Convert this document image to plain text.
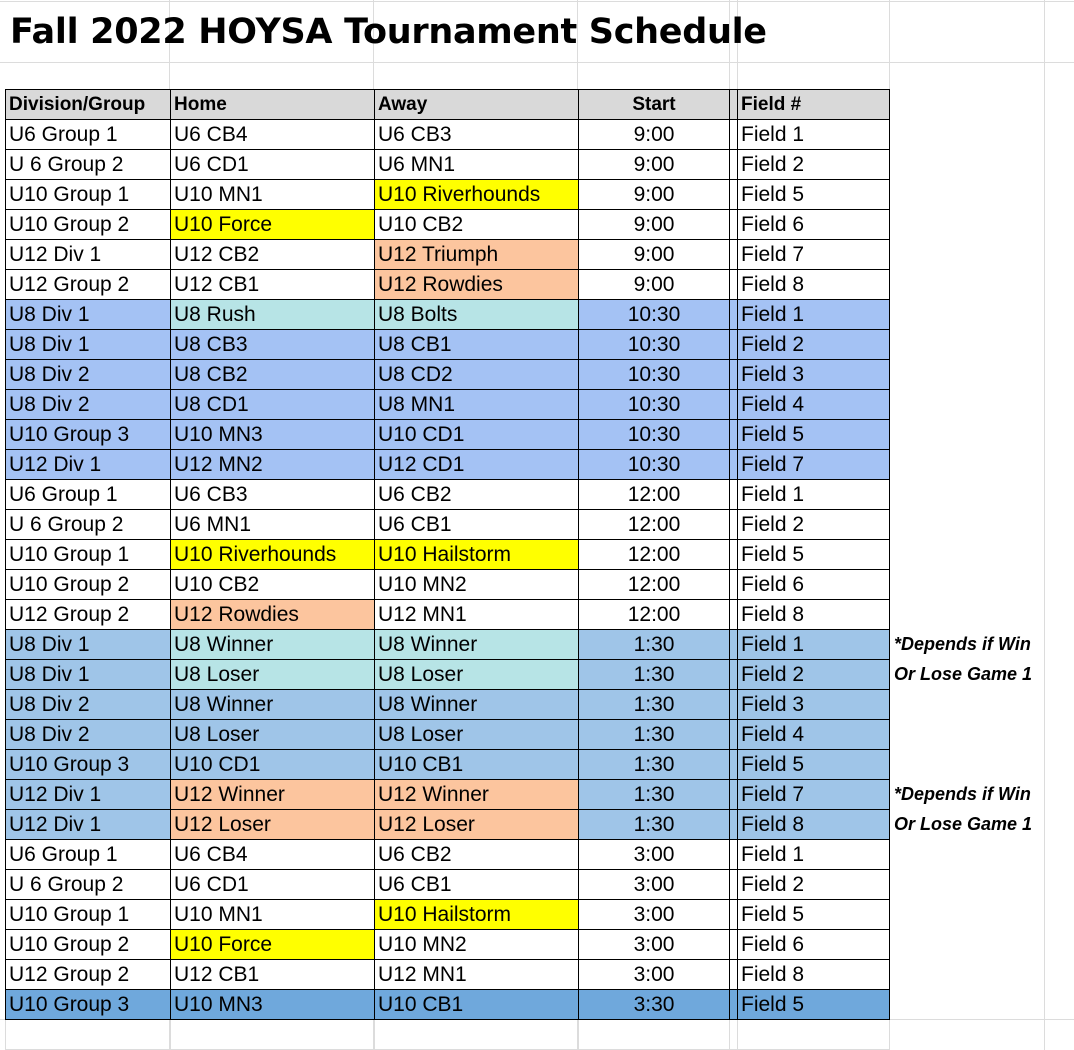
Fall 2022 HOYSA Tournament Schedule
Division/Group	Home	Away	Start		Field #	
U6 Group 1	U6 CB4	U6 CB3	9:00		Field 1	
U 6 Group 2	U6 CD1	U6 MN1	9:00		Field 2	
U10 Group 1	U10 MN1	U10 Riverhounds	9:00		Field 5	
U10 Group 2	U10 Force	U10 CB2	9:00		Field 6	
U12 Div 1	U12 CB2	U12 Triumph	9:00		Field 7	
U12 Group 2	U12 CB1	U12 Rowdies	9:00		Field 8	
U8 Div 1	U8 Rush	U8 Bolts	10:30		Field 1	
U8 Div 1	U8 CB3	U8 CB1	10:30		Field 2	
U8 Div 2	U8 CB2	U8 CD2	10:30		Field 3	
U8 Div 2	U8 CD1	U8 MN1	10:30		Field 4	
U10 Group 3	U10 MN3	U10 CD1	10:30		Field 5	
U12 Div 1	U12 MN2	U12 CD1	10:30		Field 7	
U6 Group 1	U6 CB3	U6 CB2	12:00		Field 1	
U 6 Group 2	U6 MN1	U6 CB1	12:00		Field 2	
U10 Group 1	U10 Riverhounds	U10 Hailstorm	12:00		Field 5	
U10 Group 2	U10 CB2	U10 MN2	12:00		Field 6	
U12 Group 2	U12 Rowdies	U12 MN1	12:00		Field 8	
U8 Div 1	U8 Winner	U8 Winner	1:30		Field 1	*Depends if Win
U8 Div 1	U8 Loser	U8 Loser	1:30		Field 2	Or Lose Game 1
U8 Div 2	U8 Winner	U8 Winner	1:30		Field 3	
U8 Div 2	U8 Loser	U8 Loser	1:30		Field 4	
U10 Group 3	U10 CD1	U10 CB1	1:30		Field 5	
U12 Div 1	U12 Winner	U12 Winner	1:30		Field 7	*Depends if Win
U12 Div 1	U12 Loser	U12 Loser	1:30		Field 8	Or Lose Game 1
U6 Group 1	U6 CB4	U6 CB2	3:00		Field 1	
U 6 Group 2	U6 CD1	U6 CB1	3:00		Field 2	
U10 Group 1	U10 MN1	U10 Hailstorm	3:00		Field 5	
U10 Group 2	U10 Force	U10 MN2	3:00		Field 6	
U12 Group 2	U12 CB1	U12 MN1	3:00		Field 8	
U10 Group 3	U10 MN3	U10 CB1	3:30		Field 5	
